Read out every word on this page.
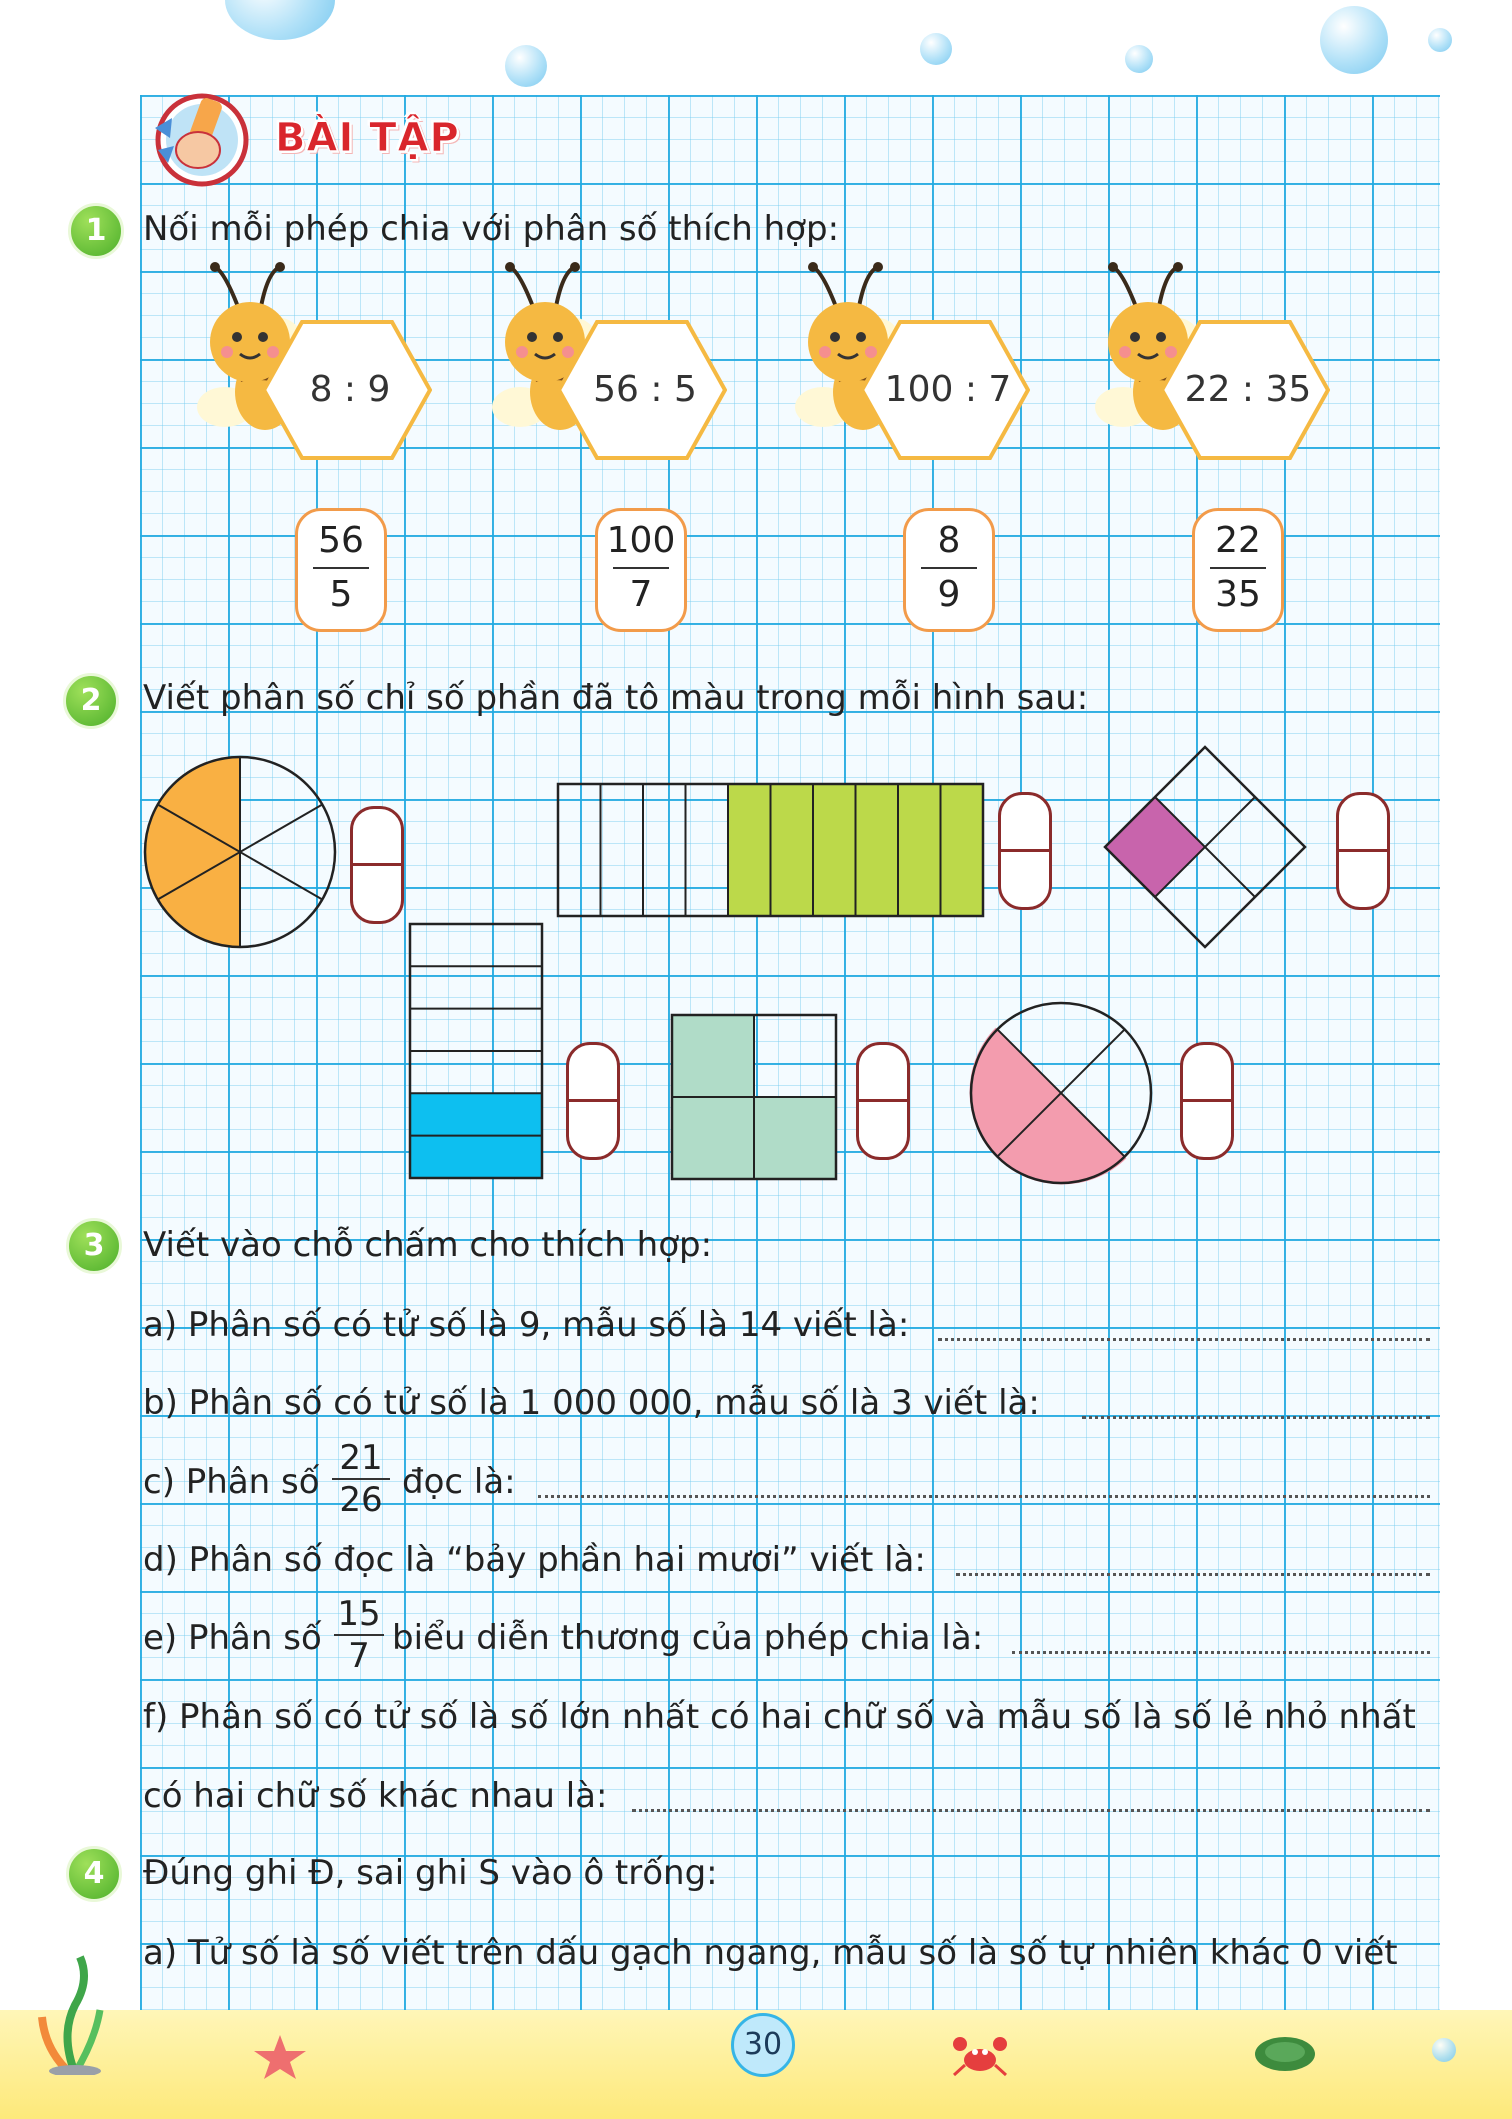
BÀI TẬP
1	Nối mỗi phép chia với phân số thích hợp:
8 : 9	56 : 5	100 : 7	22 : 35
56
5
100
7
8
9
22
35
2	Viết phân số chỉ số phần đã tô màu trong mỗi hình sau:
3	Viết vào chỗ chấm cho thích hợp:
a) Phân số có tử số là 9, mẫu số là 14 viết là:
b) Phân số có tử số là 1 000 000, mẫu số là 3 viết là:
c) Phân số
21
26 đọc là:
d) Phân số đọc là “bảy phần hai mươi” viết là:
e) Phân số
15
7 biểu diễn thương của phép chia là:
f) Phân số có tử số là số lớn nhất có hai chữ số và mẫu số là số lẻ nhỏ nhất
có hai chữ số khác nhau là:
4	Đúng ghi Đ, sai ghi S vào ô trống:
a) Tử số là số viết trên dấu gạch ngang, mẫu số là số tự nhiên khác 0 viết
30
